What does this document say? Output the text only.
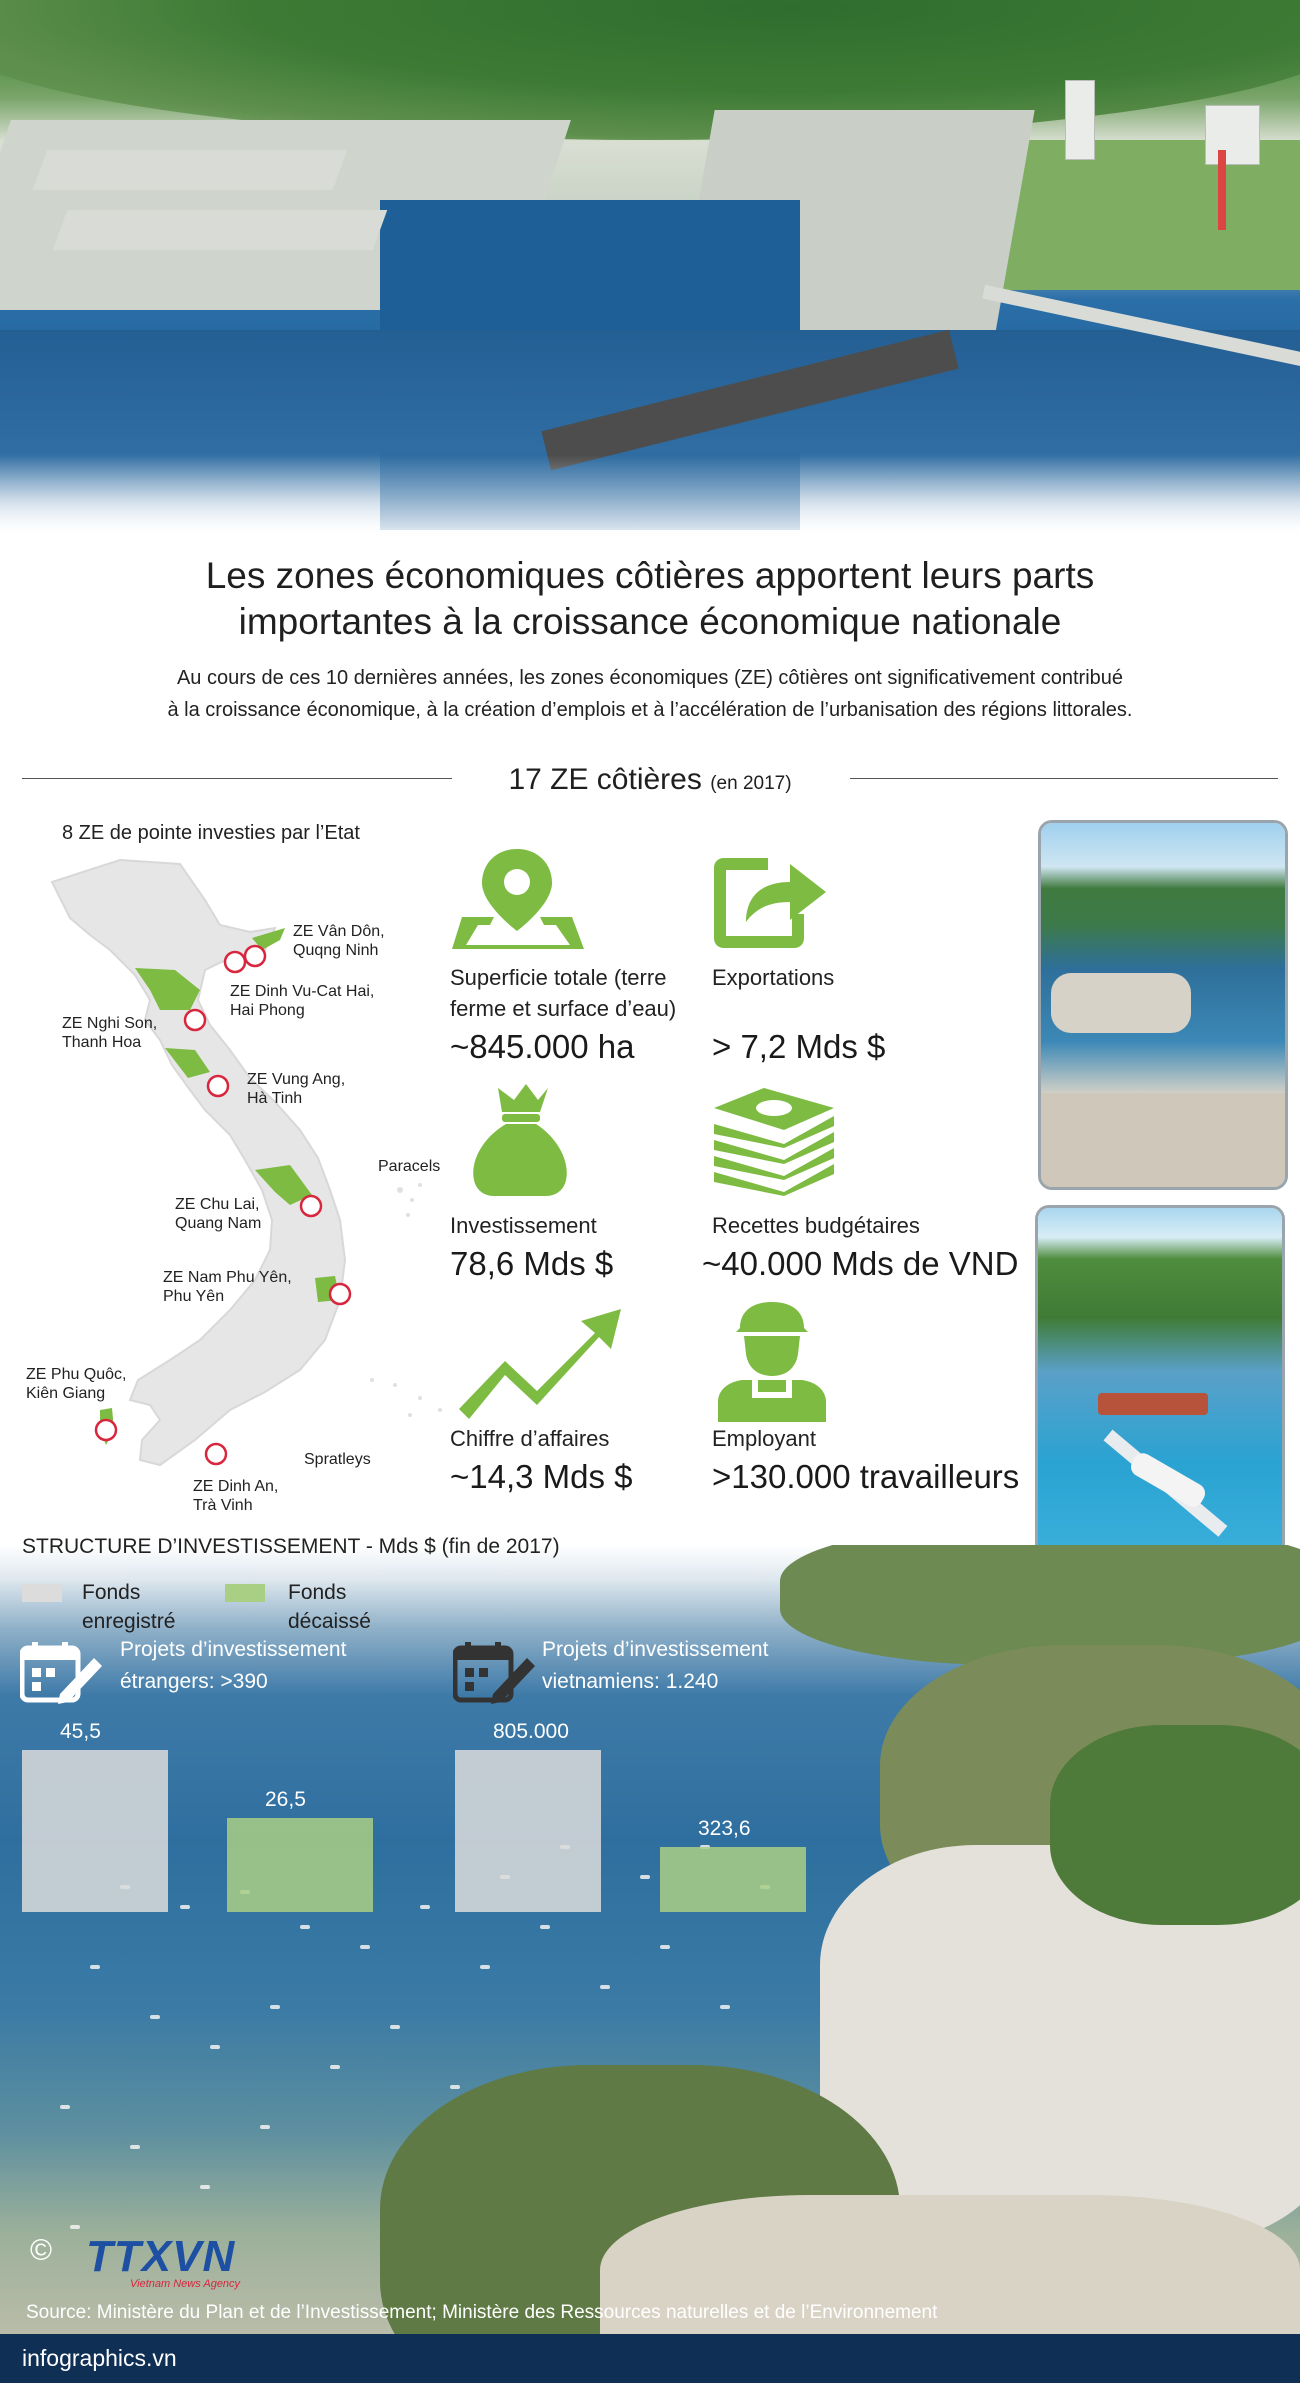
Les zones économiques côtières apportent leurs parts
importantes à la croissance économique nationale
Au cours de ces 10 dernières années, les zones économiques (ZE) côtières ont significativement contribué
à la croissance économique, à la création d’emplois et à l’accélération de l’urbanisation des régions littorales.
17 ZE côtières (en 2017)
8 ZE de pointe investies par l’Etat
ZE Vân Dôn,
Quqng Ninh
ZE Dinh Vu-Cat Hai,
Hai Phong
ZE Nghi Son,
Thanh Hoa
ZE Vung Ang,
Hà Tinh
ZE Chu Lai,
Quang Nam
ZE Nam Phu Yên,
Phu Yên
ZE Phu Quôc,
Kiên Giang
ZE Dinh An,
Trà Vinh
Paracels
Spratleys
Superficie totale (terre
ferme et surface d’eau)
~845.000 ha
Exportations
> 7,2 Mds $
Investissement
78,6 Mds $
Recettes budgétaires
~40.000 Mds de VND
Chiffre d’affaires
~14,3 Mds $
Employant
>130.000 travailleurs
STRUCTURE D’INVESTISSEMENT - Mds $ (fin de 2017)
Fonds
enregistré
Fonds
décaissé
Projets d’investissement
étrangers: >390
Projets d’investissement
vietnamiens: 1.240
45,5
26,5
805.000
323,6
© TTXVN
Vietnam News Agency
Source: Ministère du Plan et de l’Investissement; Ministère des Ressources naturelles et de l’Environnement
infographics.vn
